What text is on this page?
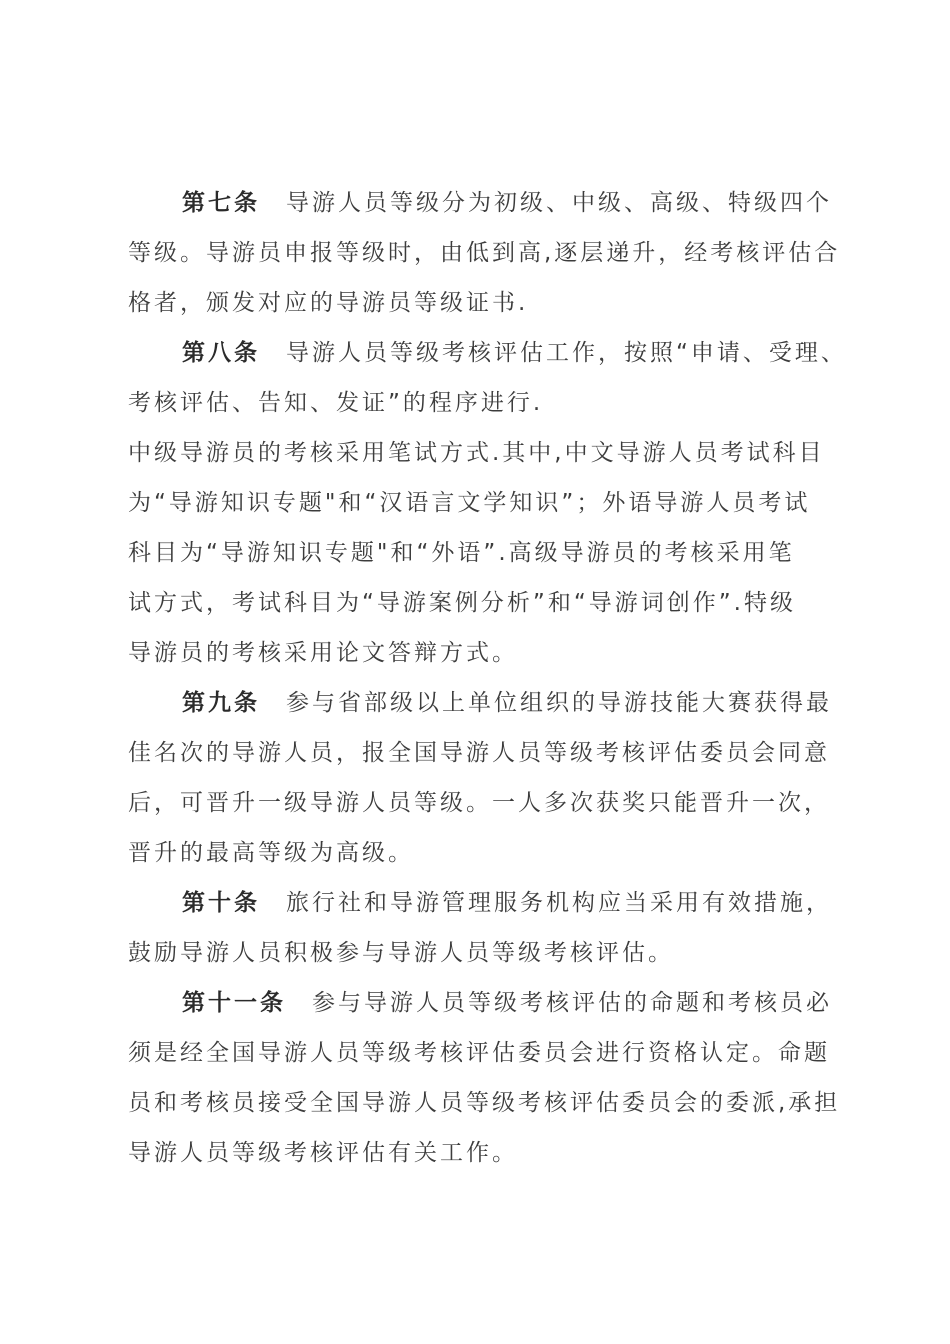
第七条 导游人员等级分为初级、中级、高级、特级四个
等级。导游员申报等级时，由低到高,逐层递升，经考核评估合
格者，颁发对应的导游员等级证书.
第八条 导游人员等级考核评估工作，按照“申请、受理、
考核评估、告知、发证”的程序进行.
中级导游员的考核采用笔试方式.其中,中文导游人员考试科目
为“导游知识专题"和“汉语言文学知识”；外语导游人员考试
科目为“导游知识专题"和“外语”.高级导游员的考核采用笔
试方式，考试科目为“导游案例分析”和“导游词创作”.特级
导游员的考核采用论文答辩方式。
第九条 参与省部级以上单位组织的导游技能大赛获得最
佳名次的导游人员，报全国导游人员等级考核评估委员会同意
后，可晋升一级导游人员等级。一人多次获奖只能晋升一次，
晋升的最高等级为高级。
第十条 旅行社和导游管理服务机构应当采用有效措施，
鼓励导游人员积极参与导游人员等级考核评估。
第十一条 参与导游人员等级考核评估的命题和考核员必
须是经全国导游人员等级考核评估委员会进行资格认定。命题
员和考核员接受全国导游人员等级考核评估委员会的委派,承担
导游人员等级考核评估有关工作。
